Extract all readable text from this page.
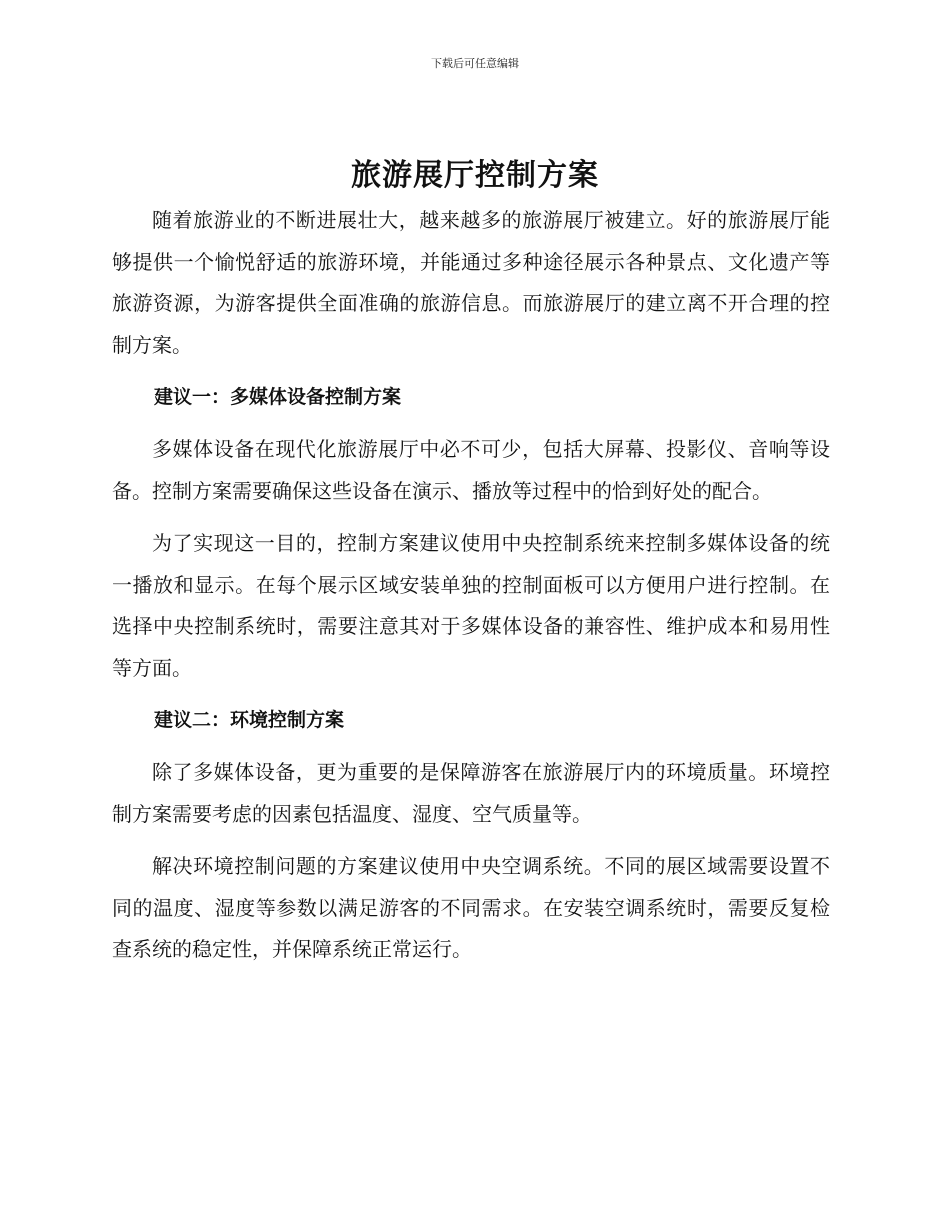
下载后可任意编辑
旅游展厅控制方案

随着旅游业的不断进展壮大，越来越多的旅游展厅被建立。好的旅游展厅能够提供一个愉悦舒适的旅游环境，并能通过多种途径展示各种景点、文化遗产等旅游资源，为游客提供全面准确的旅游信息。而旅游展厅的建立离不开合理的控制方案。

建议一：多媒体设备控制方案

多媒体设备在现代化旅游展厅中必不可少，包括大屏幕、投影仪、音响等设备。控制方案需要确保这些设备在演示、播放等过程中的恰到好处的配合。

为了实现这一目的，控制方案建议使用中央控制系统来控制多媒体设备的统一播放和显示。在每个展示区域安装单独的控制面板可以方便用户进行控制。在选择中央控制系统时，需要注意其对于多媒体设备的兼容性、维护成本和易用性等方面。

建议二：环境控制方案

除了多媒体设备，更为重要的是保障游客在旅游展厅内的环境质量。环境控制方案需要考虑的因素包括温度、湿度、空气质量等。

解决环境控制问题的方案建议使用中央空调系统。不同的展区域需要设置不同的温度、湿度等参数以满足游客的不同需求。在安装空调系统时，需要反复检查系统的稳定性，并保障系统正常运行。
